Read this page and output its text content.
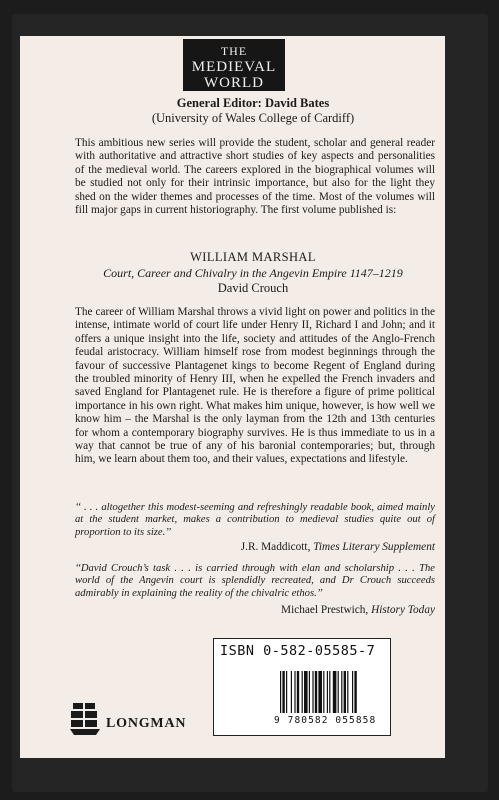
THE
MEDIEVAL
WORLD
General Editor: David Bates
(University of Wales College of Cardiff)
This ambitious new series will provide the student, scholar and general reader with authoritative and attractive short studies of key aspects and personalities of the medieval world. The careers explored in the biographical volumes will be studied not only for their intrinsic importance, but also for the light they shed on the wider themes and processes of the time. Most of the volumes will fill major gaps in current historiography. The first volume published is:
WILLIAM MARSHAL
Court, Career and Chivalry in the Angevin Empire 1147–1219
David Crouch
The career of William Marshal throws a vivid light on power and politics in the intense, intimate world of court life under Henry II, Richard I and John; and it offers a unique insight into the life, society and attitudes of the Anglo-French feudal aristocracy. William himself rose from modest beginnings through the favour of successive Plantagenet kings to become Regent of England during the troubled minority of Henry III, when he expelled the French invaders and saved England for Plantagenet rule. He is therefore a figure of prime political importance in his own right. What makes him unique, however, is how well we know him – the Marshal is the only layman from the 12th and 13th centuries for whom a contemporary biography survives. He is thus immediate to us in a way that cannot be true of any of his baronial contemporaries; but, through him, we learn about them too, and their values, expectations and lifestyle.
‘‘ . . . altogether this modest-seeming and refreshingly readable book, aimed mainly at the student market, makes a contribution to medieval studies quite out of proportion to its size.’’
J.R. Maddicott, Times Literary Supplement
‘‘David Crouch’s task . . . is carried through with elan and scholarship . . . The world of the Angevin court is splendidly recreated, and Dr Crouch succeeds admirably in explaining the reality of the chivalric ethos.’’
Michael Prestwich, History Today
ISBN 0-582-05585-7
9 780582 055858
LONGMAN
